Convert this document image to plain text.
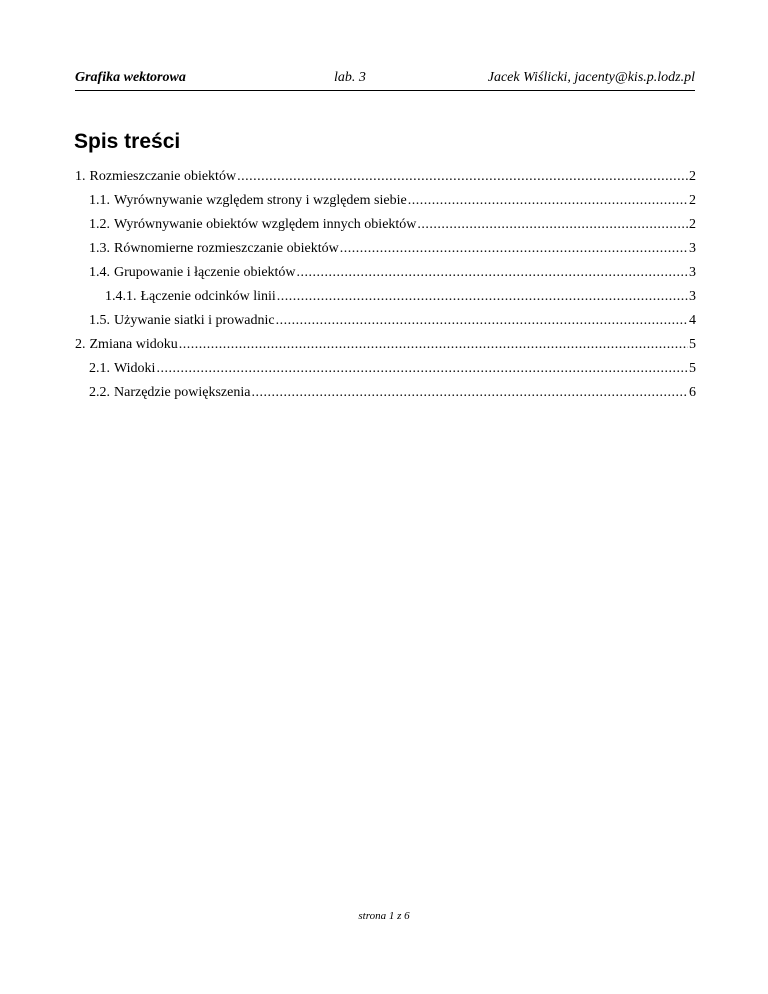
Grafika wektorowa	lab. 3	Jacek Wiślicki, jacenty@kis.p.lodz.pl
Spis treści
1. Rozmieszczanie obiektów .....	2
1.1. Wyrównywanie względem strony i względem siebie .....	2
1.2. Wyrównywanie obiektów względem innych obiektów .....	2
1.3. Równomierne rozmieszczanie obiektów .....	3
1.4. Grupowanie i łączenie obiektów .....	3
1.4.1. Łączenie odcinków linii .....	3
1.5. Używanie siatki i prowadnic .....	4
2. Zmiana widoku .....	5
2.1. Widoki .....	5
2.2. Narzędzie powiększenia .....	6
strona 1 z 6
